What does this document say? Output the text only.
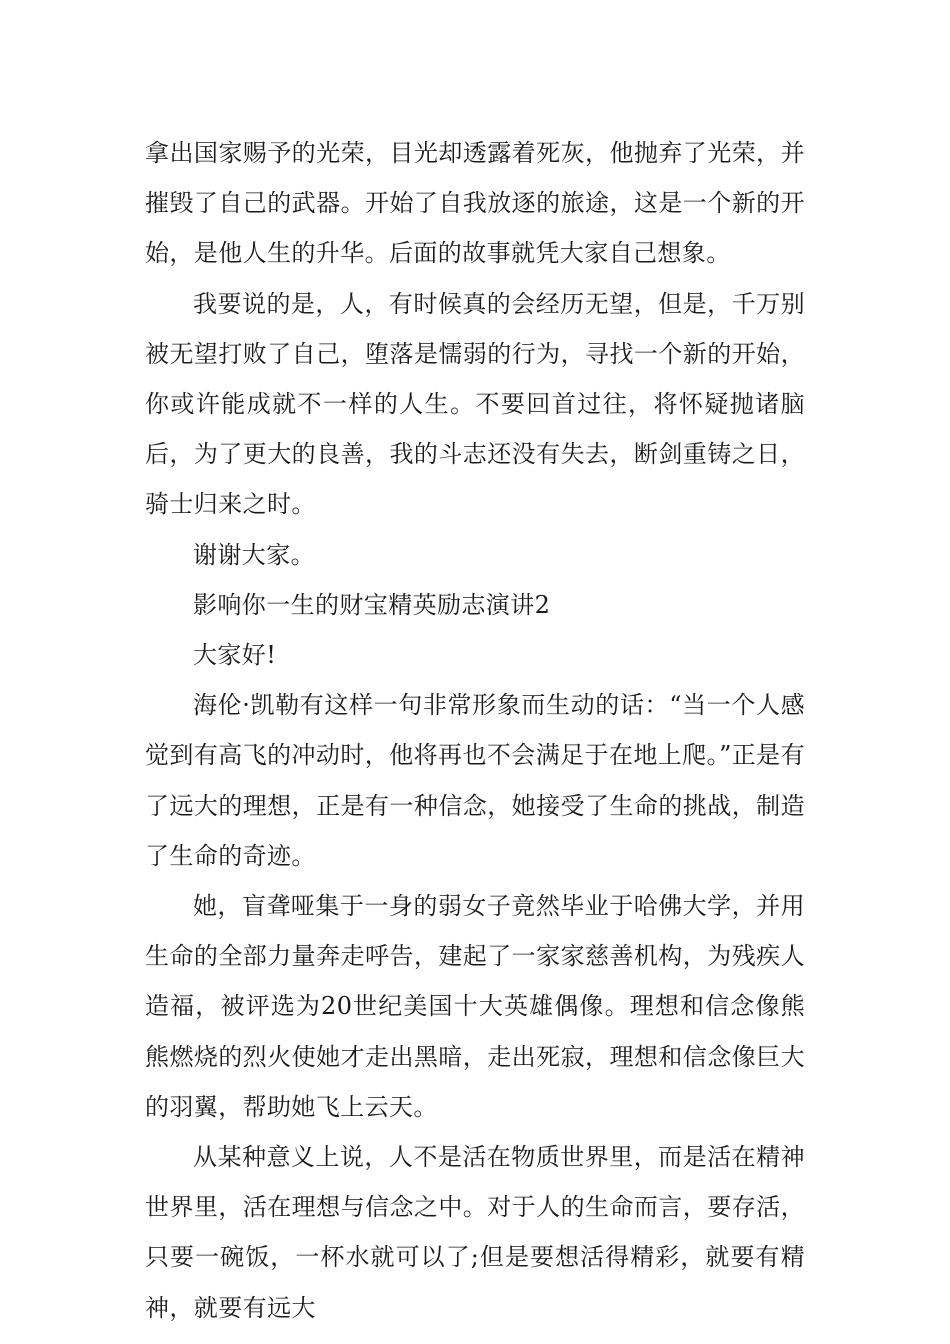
拿出国家赐予的光荣，目光却透露着死灰，他抛弃了光荣，并摧毁了自己的武器。开始了自我放逐的旅途，这是一个新的开始，是他人生的升华。后面的故事就凭大家自己想象。

我要说的是，人，有时候真的会经历无望，但是，千万别被无望打败了自己，堕落是懦弱的行为，寻找一个新的开始，你或许能成就不一样的人生。不要回首过往，将怀疑抛诸脑后，为了更大的良善，我的斗志还没有失去，断剑重铸之日，骑士归来之时。

谢谢大家。

影响你一生的财宝精英励志演讲2

大家好!

海伦·凯勒有这样一句非常形象而生动的话：“当一个人感觉到有高飞的冲动时，他将再也不会满足于在地上爬。”正是有了远大的理想，正是有一种信念，她接受了生命的挑战，制造了生命的奇迹。

她，盲聋哑集于一身的弱女子竟然毕业于哈佛大学，并用生命的全部力量奔走呼告，建起了一家家慈善机构，为残疾人造福，被评选为20世纪美国十大英雄偶像。理想和信念像熊熊燃烧的烈火使她才走出黑暗，走出死寂，理想和信念像巨大的羽翼，帮助她飞上云天。

从某种意义上说，人不是活在物质世界里，而是活在精神世界里，活在理想与信念之中。对于人的生命而言，要存活，只要一碗饭，一杯水就可以了;但是要想活得精彩，就要有精神，就要有远大
